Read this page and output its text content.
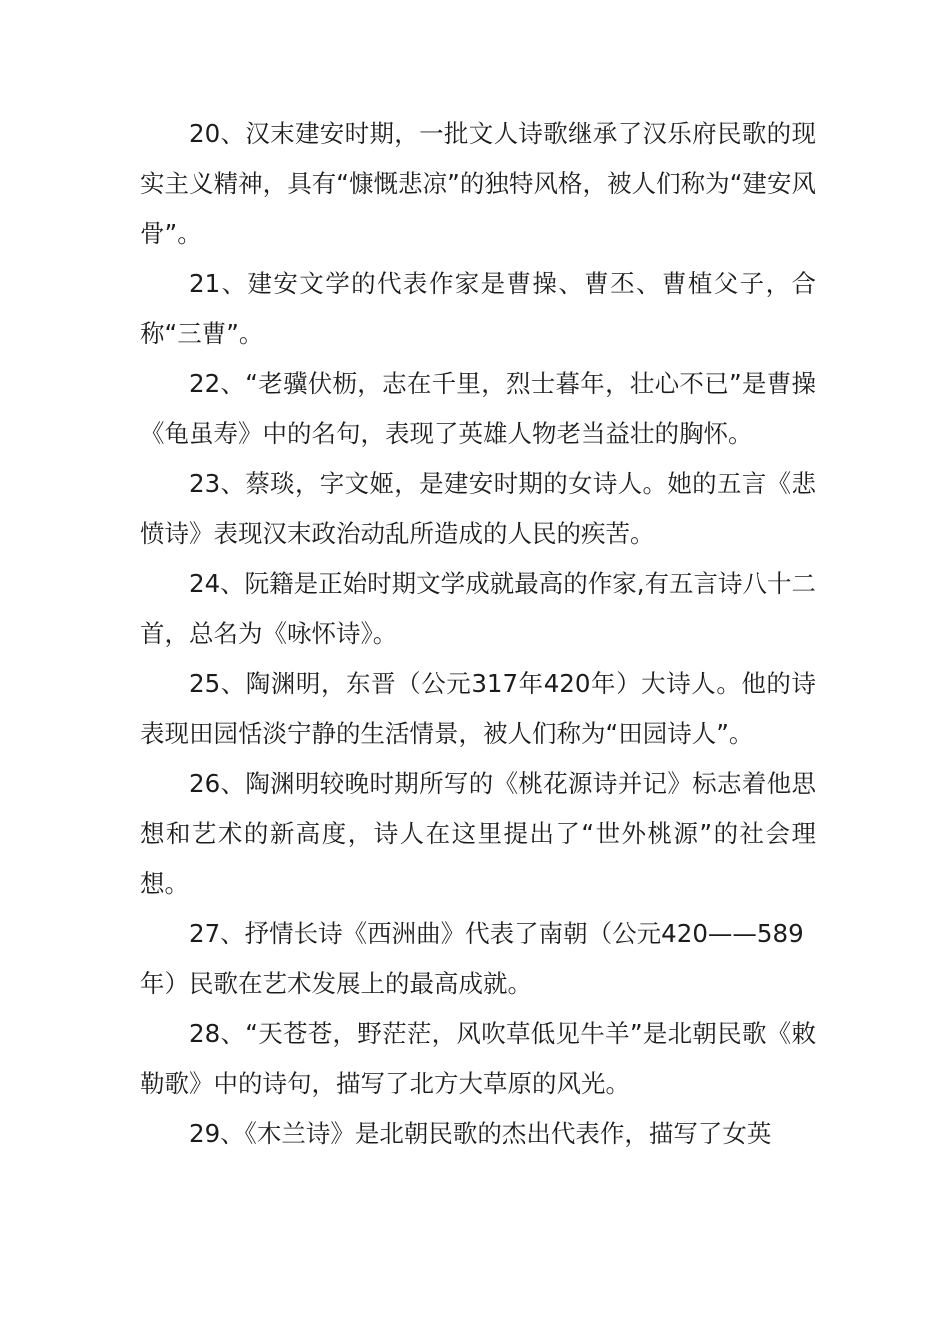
20、汉末建安时期，一批文人诗歌继承了汉乐府民歌的现实主义精神，具有“慷慨悲凉”的独特风格，被人们称为“建安风骨”。

21、建安文学的代表作家是曹操、曹丕、曹植父子，合称“三曹”。

22、“老骥伏枥，志在千里，烈士暮年，壮心不已”是曹操《龟虽寿》中的名句，表现了英雄人物老当益壮的胸怀。

23、蔡琰，字文姬，是建安时期的女诗人。她的五言《悲愤诗》表现汉末政治动乱所造成的人民的疾苦。

24、阮籍是正始时期文学成就最高的作家,有五言诗八十二首，总名为《咏怀诗》。

25、陶渊明，东晋（公元317年420年）大诗人。他的诗表现田园恬淡宁静的生活情景，被人们称为“田园诗人”。

26、陶渊明较晚时期所写的《桃花源诗并记》标志着他思想和艺术的新高度，诗人在这里提出了“世外桃源”的社会理想。

27、抒情长诗《西洲曲》代表了南朝（公元420——589

年）民歌在艺术发展上的最高成就。

28、“天苍苍，野茫茫，风吹草低见牛羊”是北朝民歌《敕勒歌》中的诗句，描写了北方大草原的风光。

29、《木兰诗》是北朝民歌的杰出代表作，描写了女英
